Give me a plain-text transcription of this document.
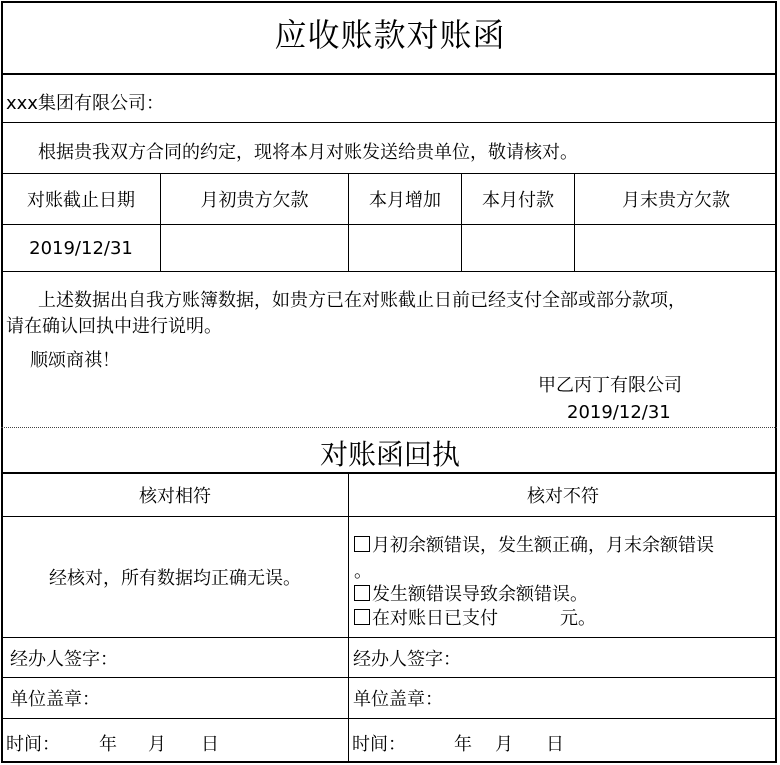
应收账款对账函
xxx集团有限公司：
根据贵我双方合同的约定，现将本月对账发送给贵单位，敬请核对。
对账截止日期	月初贵方欠款	本月增加	本月付款	月末贵方欠款
2019/12/31
上述数据出自我方账簿数据，如贵方已在对账截止日前已经支付全部或部分款项，
请在确认回执中进行说明。
顺颂商祺！
甲乙丙丁有限公司
2019/12/31
对账函回执
核对相符	核对不符
经核对，所有数据均正确无误。
月初余额错误，发生额正确，月末余额错误
。
发生额错误导致余额错误。
在对账日已支付	元。
经办人签字：	经办人签字：
单位盖章：	单位盖章：
时间： 年 月 日	时间：	年 月 日
